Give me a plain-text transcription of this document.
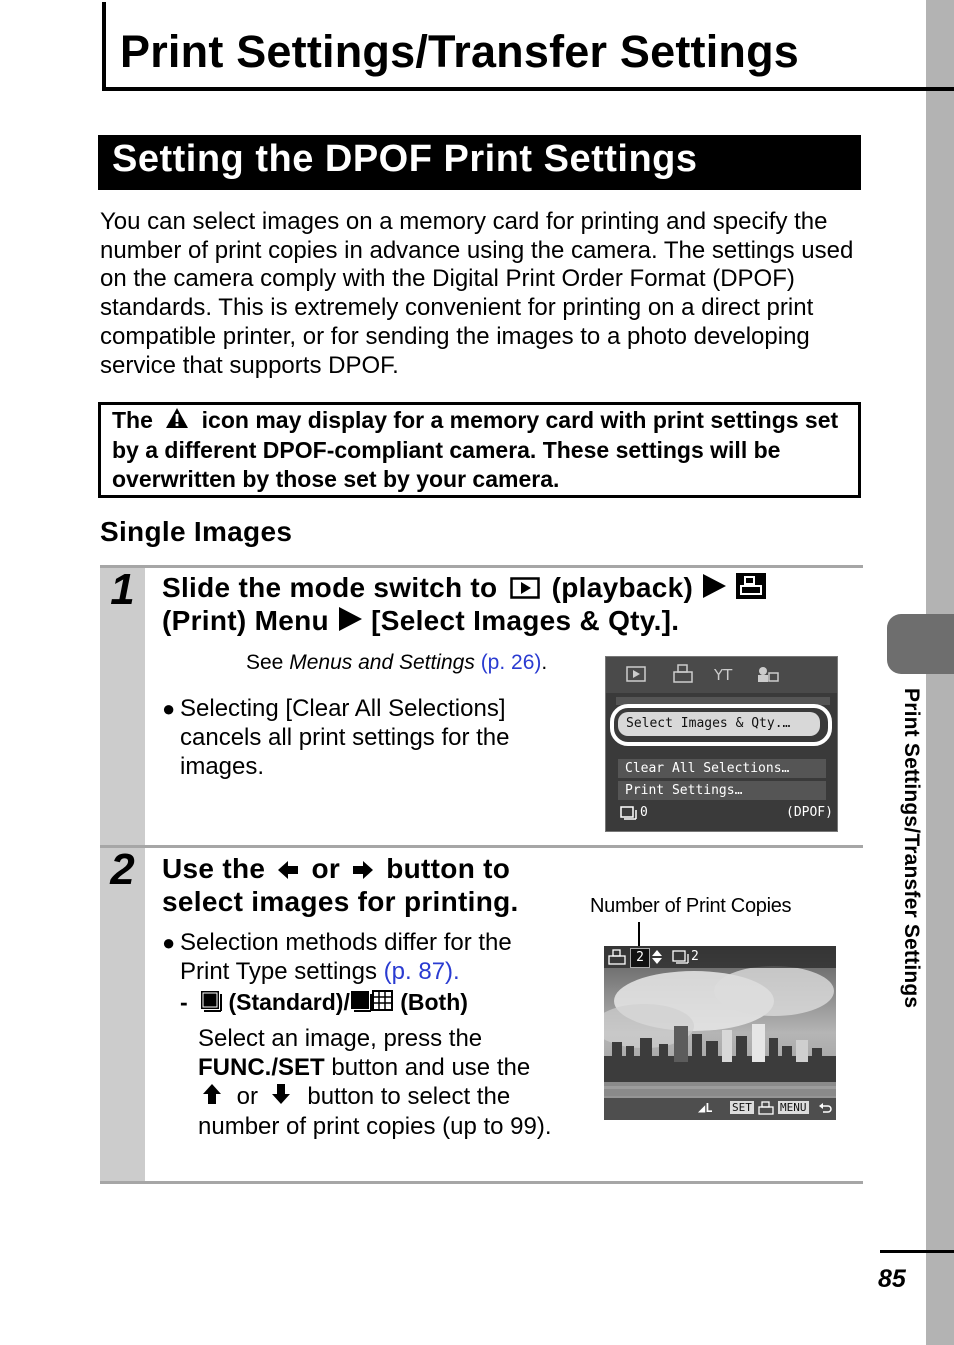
Print Settings/Transfer Settings
Print Settings/Transfer Settings
Setting the DPOF Print Settings
You can select images on a memory card for printing and specify the number of print copies in advance using the camera. The settings used on the camera comply with the Digital Print Order Format (DPOF) standards. This is extremely convenient for printing on a direct print compatible printer, or for sending the images to a photo developing service that supports DPOF.
The icon may display for a memory card with print settings set by a different DPOF-compliant camera. These settings will be overwritten by those set by your camera.
Single Images
1 Slide the mode switch to (playback)
(Print) Menu [Select Images & Qty.].
See Menus and Settings (p. 26).
● Selecting [Clear All Selections] cancels all print settings for the images.
YT
Select Images & Qty.…
Clear All Selections…
Print Settings…
0	(DPOF)
2 Use the or button to
select images for printing.
● Selection methods differ for the Print Type settings (p. 87).
- (Standard)/ (Both)
Select an image, press the
FUNC./SET button and use the
or button to select the number of print copies (up to 99).
Number of Print Copies
2	2
◢L SET	MENU
85
